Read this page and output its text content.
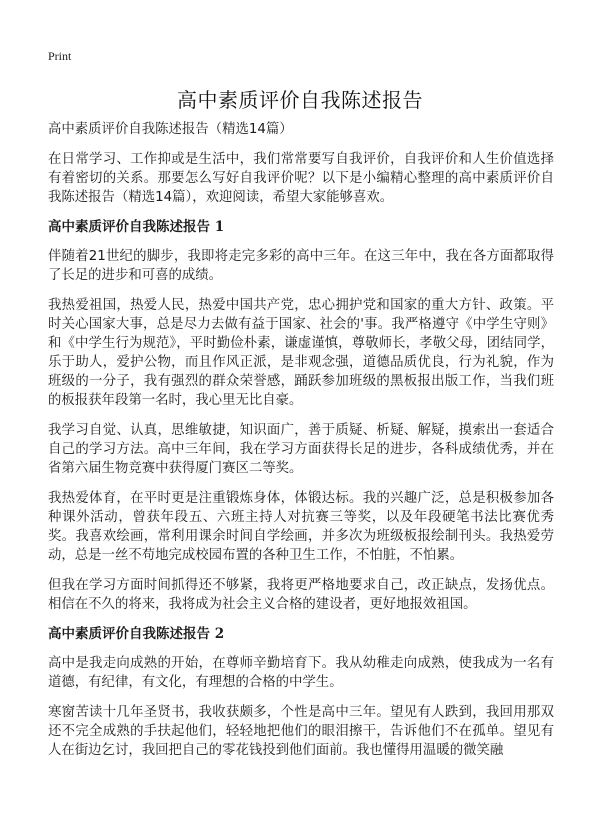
Print
高中素质评价自我陈述报告
高中素质评价自我陈述报告（精选14篇）

在日常学习、工作抑或是生活中，我们常常要写自我评价，自我评价和人生价值选择有着密切的关系。那要怎么写好自我评价呢？以下是小编精心整理的高中素质评价自我陈述报告（精选14篇），欢迎阅读，希望大家能够喜欢。

高中素质评价自我陈述报告 1

伴随着21世纪的脚步，我即将走完多彩的高中三年。在这三年中，我在各方面都取得了长足的进步和可喜的成绩。

我热爱祖国，热爱人民，热爱中国共产党，忠心拥护党和国家的重大方针、政策。平时关心国家大事，总是尽力去做有益于国家、社会的'事。我严格遵守《中学生守则》和《中学生行为规范》，平时勤俭朴素，谦虚谨慎，尊敬师长，孝敬父母，团结同学，乐于助人，爱护公物，而且作风正派，是非观念强，道德品质优良，行为礼貌，作为班级的一分子，我有强烈的群众荣誉感，踊跃参加班级的黑板报出版工作，当我们班的板报获年段第一名时，我心里无比自豪。

我学习自觉、认真，思维敏捷，知识面广，善于质疑、析疑、解疑，摸索出一套适合自己的学习方法。高中三年间，我在学习方面获得长足的进步，各科成绩优秀，并在省第六届生物竞赛中获得厦门赛区二等奖。

我热爱体育，在平时更是注重锻炼身体，体锻达标。我的兴趣广泛，总是积极参加各种课外活动，曾获年段五、六班主持人对抗赛三等奖，以及年段硬笔书法比赛优秀奖。我喜欢绘画，常利用课余时间自学绘画，并多次为班级板报绘制刊头。我热爱劳动，总是一丝不苟地完成校园布置的各种卫生工作，不怕脏，不怕累。

但我在学习方面时间抓得还不够紧，我将更严格地要求自己，改正缺点，发扬优点。相信在不久的将来，我将成为社会主义合格的建设者，更好地报效祖国。

高中素质评价自我陈述报告 2

高中是我走向成熟的开始，在尊师辛勤培育下。我从幼稚走向成熟，使我成为一名有道德，有纪律，有文化，有理想的合格的中学生。

寒窗苦读十几年圣贤书，我收获颇多，个性是高中三年。望见有人跌到，我回用那双还不完全成熟的手扶起他们，轻轻地把他们的眼泪擦干，告诉他们不在孤单。望见有人在街边乞讨，我回把自己的零花钱投到他们面前。我也懂得用温暖的微笑融
